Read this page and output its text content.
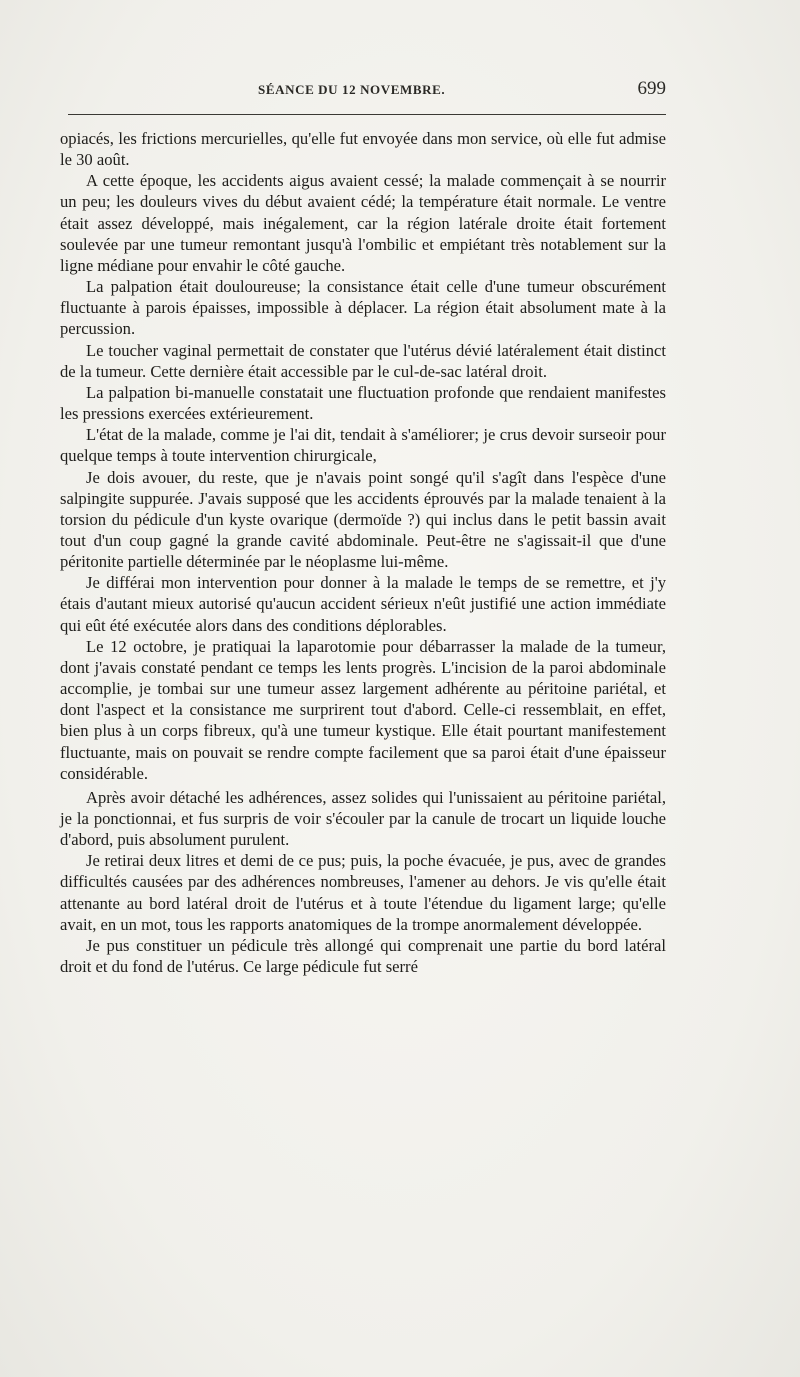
SÉANCE DU 12 NOVEMBRE.	699

opiacés, les frictions mercurielles, qu'elle fut envoyée dans mon service, où elle fut admise le 30 août.

A cette époque, les accidents aigus avaient cessé; la malade commençait à se nourrir un peu; les douleurs vives du début avaient cédé; la température était normale. Le ventre était assez développé, mais inégalement, car la région latérale droite était fortement soulevée par une tumeur remontant jusqu'à l'ombilic et empiétant très notablement sur la ligne médiane pour envahir le côté gauche.

La palpation était douloureuse; la consistance était celle d'une tumeur obscurément fluctuante à parois épaisses, impossible à déplacer. La région était absolument mate à la percussion.

Le toucher vaginal permettait de constater que l'utérus dévié latéralement était distinct de la tumeur. Cette dernière était accessible par le cul-de-sac latéral droit.

La palpation bi-manuelle constatait une fluctuation profonde que rendaient manifestes les pressions exercées extérieurement.

L'état de la malade, comme je l'ai dit, tendait à s'améliorer; je crus devoir surseoir pour quelque temps à toute intervention chirurgicale,

Je dois avouer, du reste, que je n'avais point songé qu'il s'agît dans l'espèce d'une salpingite suppurée. J'avais supposé que les accidents éprouvés par la malade tenaient à la torsion du pédicule d'un kyste ovarique (dermoïde ?) qui inclus dans le petit bassin avait tout d'un coup gagné la grande cavité abdominale. Peut-être ne s'agissait-il que d'une péritonite partielle déterminée par le néoplasme lui-même.

Je différai mon intervention pour donner à la malade le temps de se remettre, et j'y étais d'autant mieux autorisé qu'aucun accident sérieux n'eût justifié une action immédiate qui eût été exécutée alors dans des conditions déplorables.

Le 12 octobre, je pratiquai la laparotomie pour débarrasser la malade de la tumeur, dont j'avais constaté pendant ce temps les lents progrès. L'incision de la paroi abdominale accomplie, je tombai sur une tumeur assez largement adhérente au péritoine pariétal, et dont l'aspect et la consistance me surprirent tout d'abord. Celle-ci ressemblait, en effet, bien plus à un corps fibreux, qu'à une tumeur kystique. Elle était pourtant manifestement fluctuante, mais on pouvait se rendre compte facilement que sa paroi était d'une épaisseur considérable.

Après avoir détaché les adhérences, assez solides qui l'unissaient au péritoine pariétal, je la ponctionnai, et fus surpris de voir s'écouler par la canule de trocart un liquide louche d'abord, puis absolument purulent.

Je retirai deux litres et demi de ce pus; puis, la poche évacuée, je pus, avec de grandes difficultés causées par des adhérences nombreuses, l'amener au dehors. Je vis qu'elle était attenante au bord latéral droit de l'utérus et à toute l'étendue du ligament large; qu'elle avait, en un mot, tous les rapports anatomiques de la trompe anormalement développée.

Je pus constituer un pédicule très allongé qui comprenait une partie du bord latéral droit et du fond de l'utérus. Ce large pédicule fut serré
